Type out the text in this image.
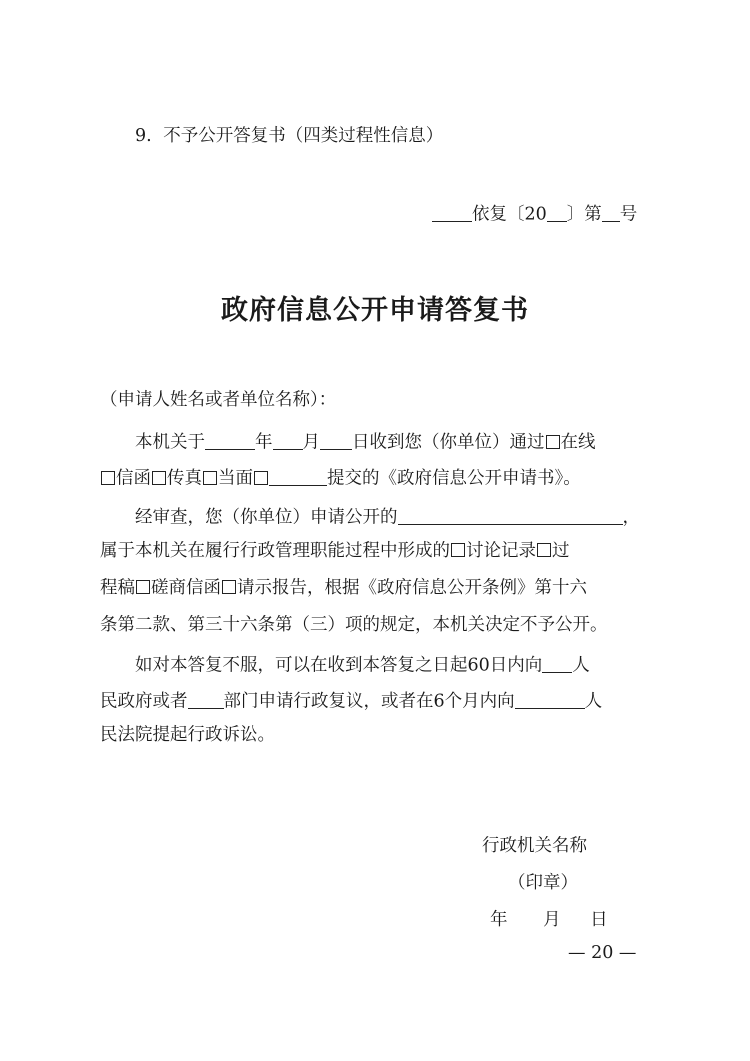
9. 不予公开答复书（四类过程性信息）
依复〔20 〕第 号
政府信息公开申请答复书
（申请人姓名或者单位名称）：
本机关于	年 月 日收到您（你单位）通过 在线
信函 传真 当面	提交的《政府信息公开申请书》。
经审查，您（你单位）申请公开的	，
属于本机关在履行行政管理职能过程中形成的 讨论记录 过
程稿 磋商信函 请示报告，根据《政府信息公开条例》第十六
条第二款、第三十六条第（三）项的规定，本机关决定不予公开。
如对本答复不服，可以在收到本答复之日起60日内向 人
民政府或者 部门申请行政复议，或者在6个月内向	人
民法院提起行政诉讼。
行政机关名称
（印章）
年 月 日
— 20 —
